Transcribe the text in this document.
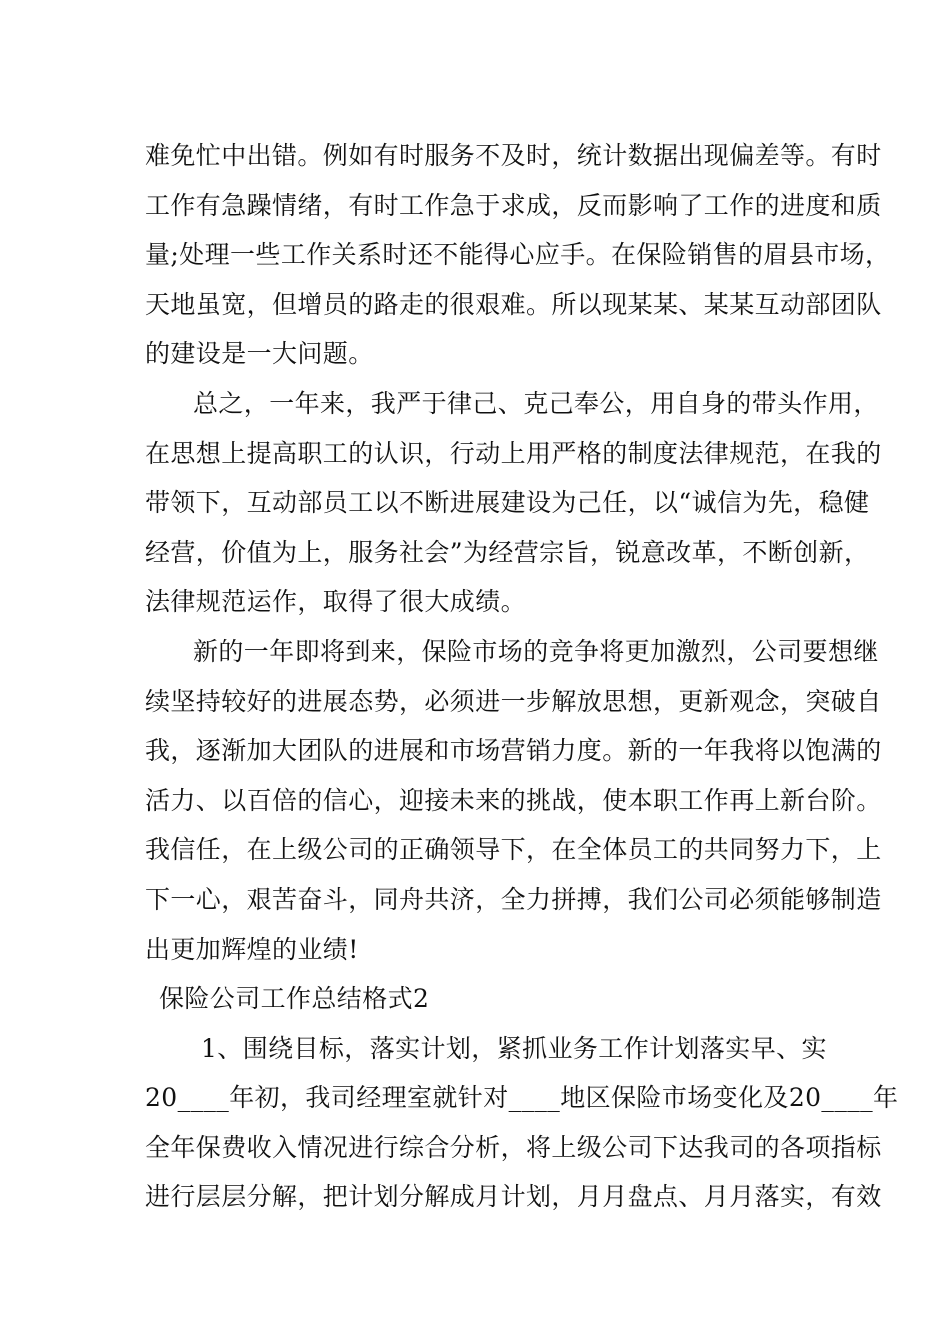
难免忙中出错。例如有时服务不及时，统计数据出现偏差等。有时
工作有急躁情绪，有时工作急于求成，反而影响了工作的进度和质
量;处理一些工作关系时还不能得心应手。在保险销售的眉县市场，
天地虽宽，但增员的路走的很艰难。所以现某某、某某互动部团队
的建设是一大问题。
总之，一年来，我严于律己、克己奉公，用自身的带头作用，
在思想上提高职工的认识，行动上用严格的制度法律规范，在我的
带领下，互动部员工以不断进展建设为己任，以“诚信为先，稳健
经营，价值为上，服务社会”为经营宗旨，锐意改革，不断创新，
法律规范运作，取得了很大成绩。
新的一年即将到来，保险市场的竞争将更加激烈，公司要想继
续坚持较好的进展态势，必须进一步解放思想，更新观念，突破自
我，逐渐加大团队的进展和市场营销力度。新的一年我将以饱满的
活力、以百倍的信心，迎接未来的挑战，使本职工作再上新台阶。
我信任，在上级公司的正确领导下，在全体员工的共同努力下，上
下一心，艰苦奋斗，同舟共济，全力拼搏，我们公司必须能够制造
出更加辉煌的业绩!
保险公司工作总结格式2
1、围绕目标，落实计划，紧抓业务工作计划落实早、实
20____年初，我司经理室就针对____地区保险市场变化及20____年
全年保费收入情况进行综合分析，将上级公司下达我司的各项指标
进行层层分解，把计划分解成月计划，月月盘点、月月落实，有效
